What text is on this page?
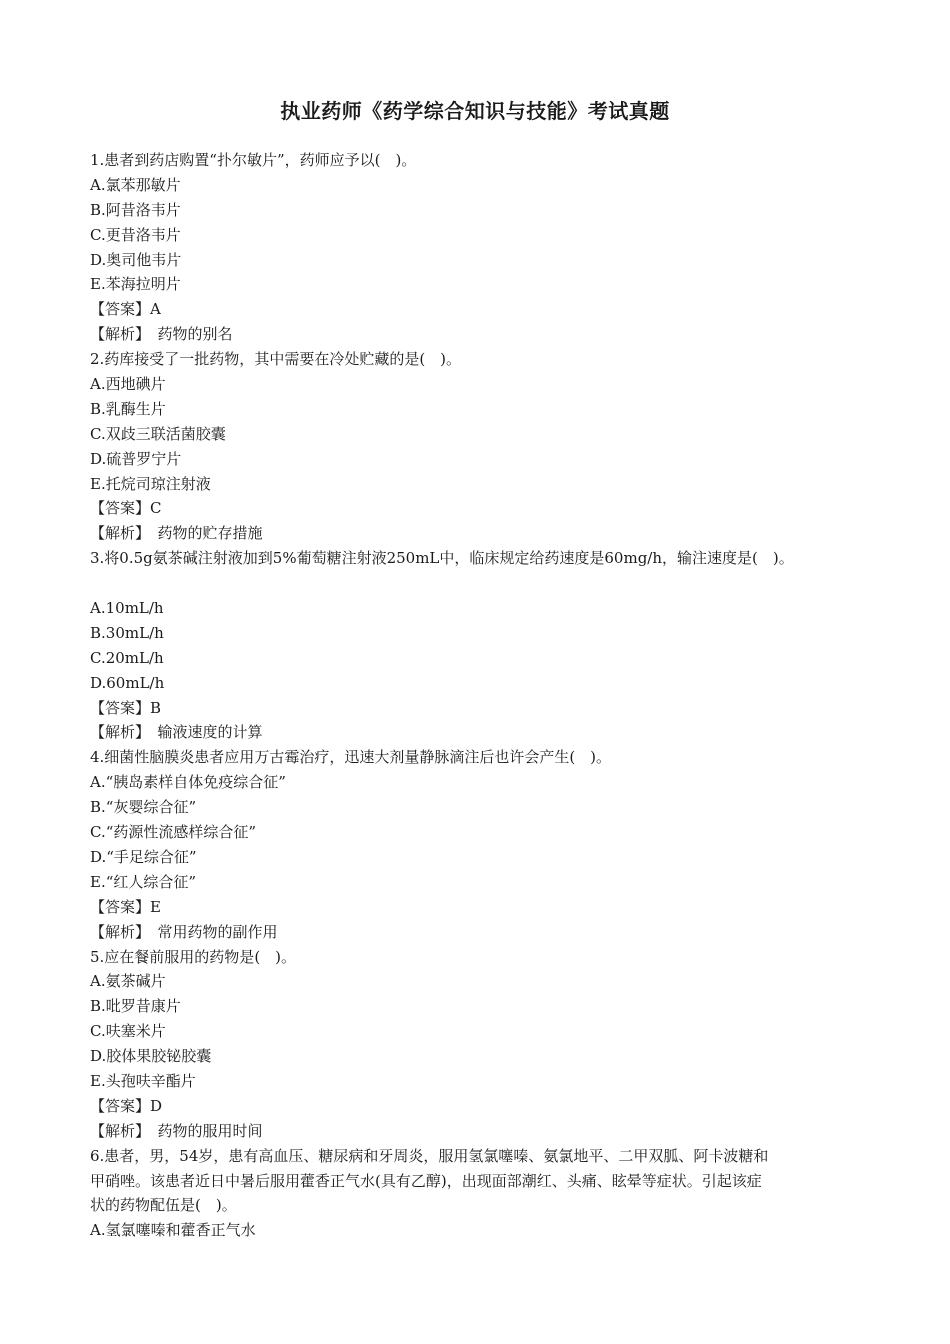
执业药师《药学综合知识与技能》考试真题
1.患者到药店购置“扑尔敏片”，药师应予以(　)。
A.氯苯那敏片
B.阿昔洛韦片
C.更昔洛韦片
D.奥司他韦片
E.苯海拉明片
【答案】A
【解析】　药物的别名
2.药库接受了一批药物，其中需要在冷处贮藏的是(　)。
A.西地碘片
B.乳酶生片
C.双歧三联活菌胶囊
D.硫普罗宁片
E.托烷司琼注射液
【答案】C
【解析】　药物的贮存措施
3.将0.5g氨茶碱注射液加到5%葡萄糖注射液250mL中，临床规定给药速度是60mg/h，输注速度是(　)。
A.10mL/h
B.30mL/h
C.20mL/h
D.60mL/h
【答案】B
【解析】　输液速度的计算
4.细菌性脑膜炎患者应用万古霉治疗，迅速大剂量静脉滴注后也许会产生(　)。
A.“胰岛素样自体免疫综合征”
B.“灰婴综合征”
C.“药源性流感样综合征”
D.“手足综合征”
E.“红人综合征”
【答案】E
【解析】　常用药物的副作用
5.应在餐前服用的药物是(　)。
A.氨茶碱片
B.吡罗昔康片
C.呋塞米片
D.胶体果胶铋胶囊
E.头孢呋辛酯片
【答案】D
【解析】　药物的服用时间
6.患者，男，54岁，患有高血压、糖尿病和牙周炎，服用氢氯噻嗪、氨氯地平、二甲双胍、阿卡波糖和
甲硝唑。该患者近日中暑后服用藿香正气水(具有乙醇)，出现面部潮红、头痛、眩晕等症状。引起该症
状的药物配伍是(　)。
A.氢氯噻嗪和藿香正气水
